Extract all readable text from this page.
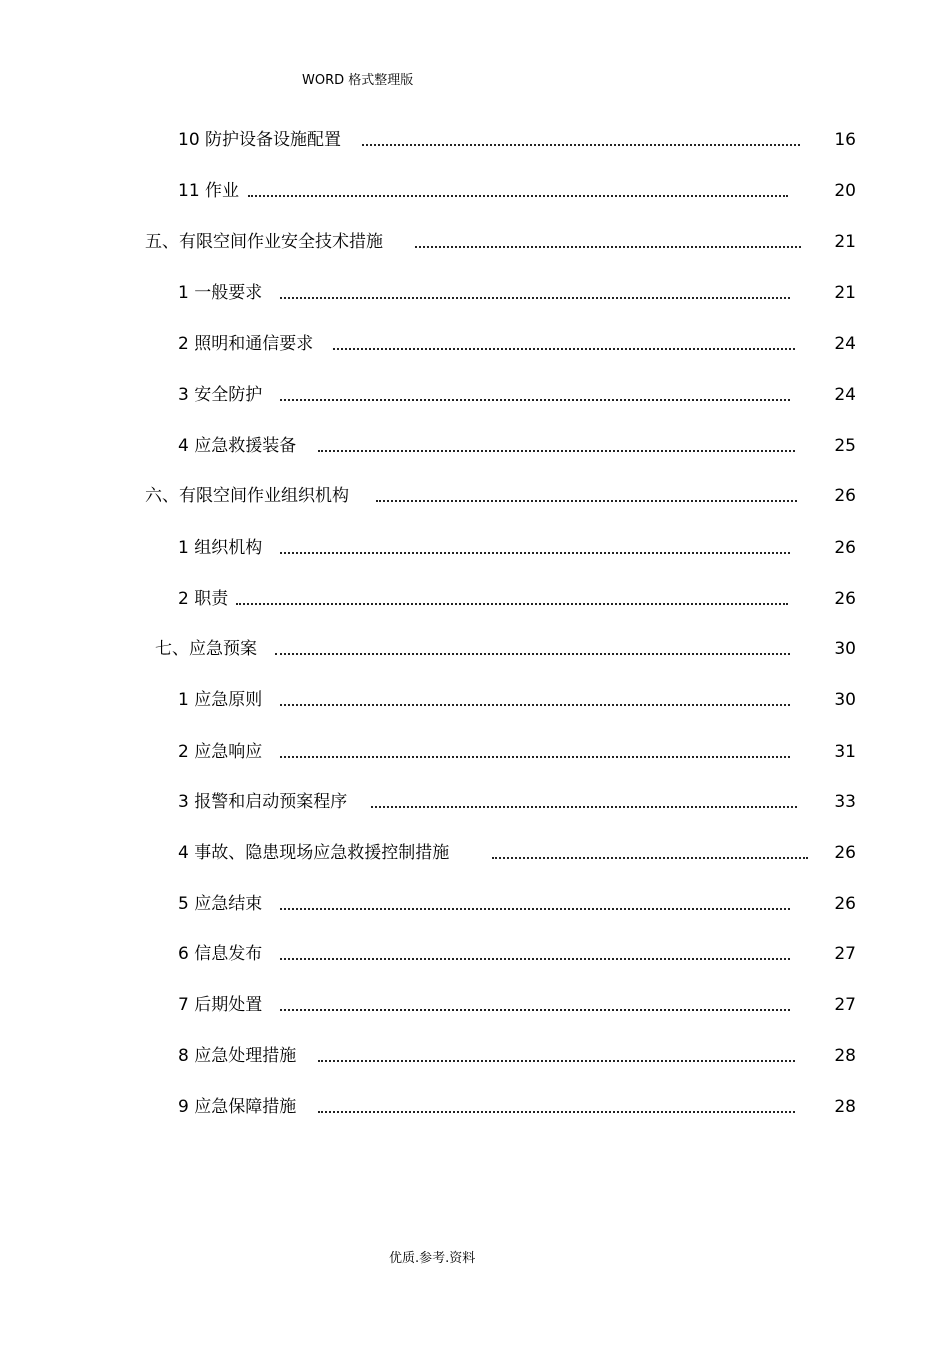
WORD 格式整理版
10 防护设备设施配置	16
11 作业	20
五、有限空间作业安全技术措施	21
1 一般要求	21
2 照明和通信要求	24
3 安全防护	24
4 应急救援装备	25
六、有限空间作业组织机构	26
1 组织机构	26
2 职责	26
七、应急预案	30
1 应急原则	30
2 应急响应	31
3 报警和启动预案程序	33
4 事故、隐患现场应急救援控制措施	26
5 应急结束	26
6 信息发布	27
7 后期处置	27
8 应急处理措施	28
9 应急保障措施	28
优质.参考.资料
